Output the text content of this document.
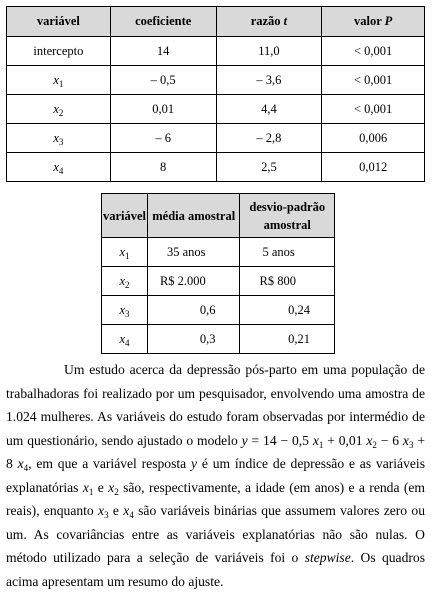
variável	coeficiente	razão t	valor P
intercepto	14	11,0	< 0,001
$x_1$	– 0,5	– 3,6	< 0,001
$x_2$	0,01	4,4	< 0,001
$x_3$	– 6	– 2,8	0,006
$x_4$	8	2,5	0,012
variável	média amostral	desvio-padrão amostral
$x_1$	35 anos	5 anos
$x_2$	R$ 2.000	R$ 800
$x_3$	0,6	0,24
$x_4$	0,3	0,21

Um estudo acerca da depressão pós-parto em uma população de trabalhadoras foi realizado por um pesquisador, envolvendo uma amostra de 1.024 mulheres. As variáveis do estudo foram observadas por intermédio de um questionário, sendo ajustado o modelo y = 14 − 0,5 $x_1 + 0,01$ $x_2 - 6$ $x_3 + 8$ $x_4$, em que a variável resposta y é um índice de depressão e as variáveis explanatórias $x_1$ e $x_2$ são, respectivamente, a idade (em anos) e a renda (em reais), enquanto $x_3$ e $x_4$ são variáveis binárias que assumem valores zero ou um. As covariâncias entre as variáveis explanatórias não são nulas. O método utilizado para a seleção de variáveis foi o stepwise. Os quadros acima apresentam um resumo do ajuste.
